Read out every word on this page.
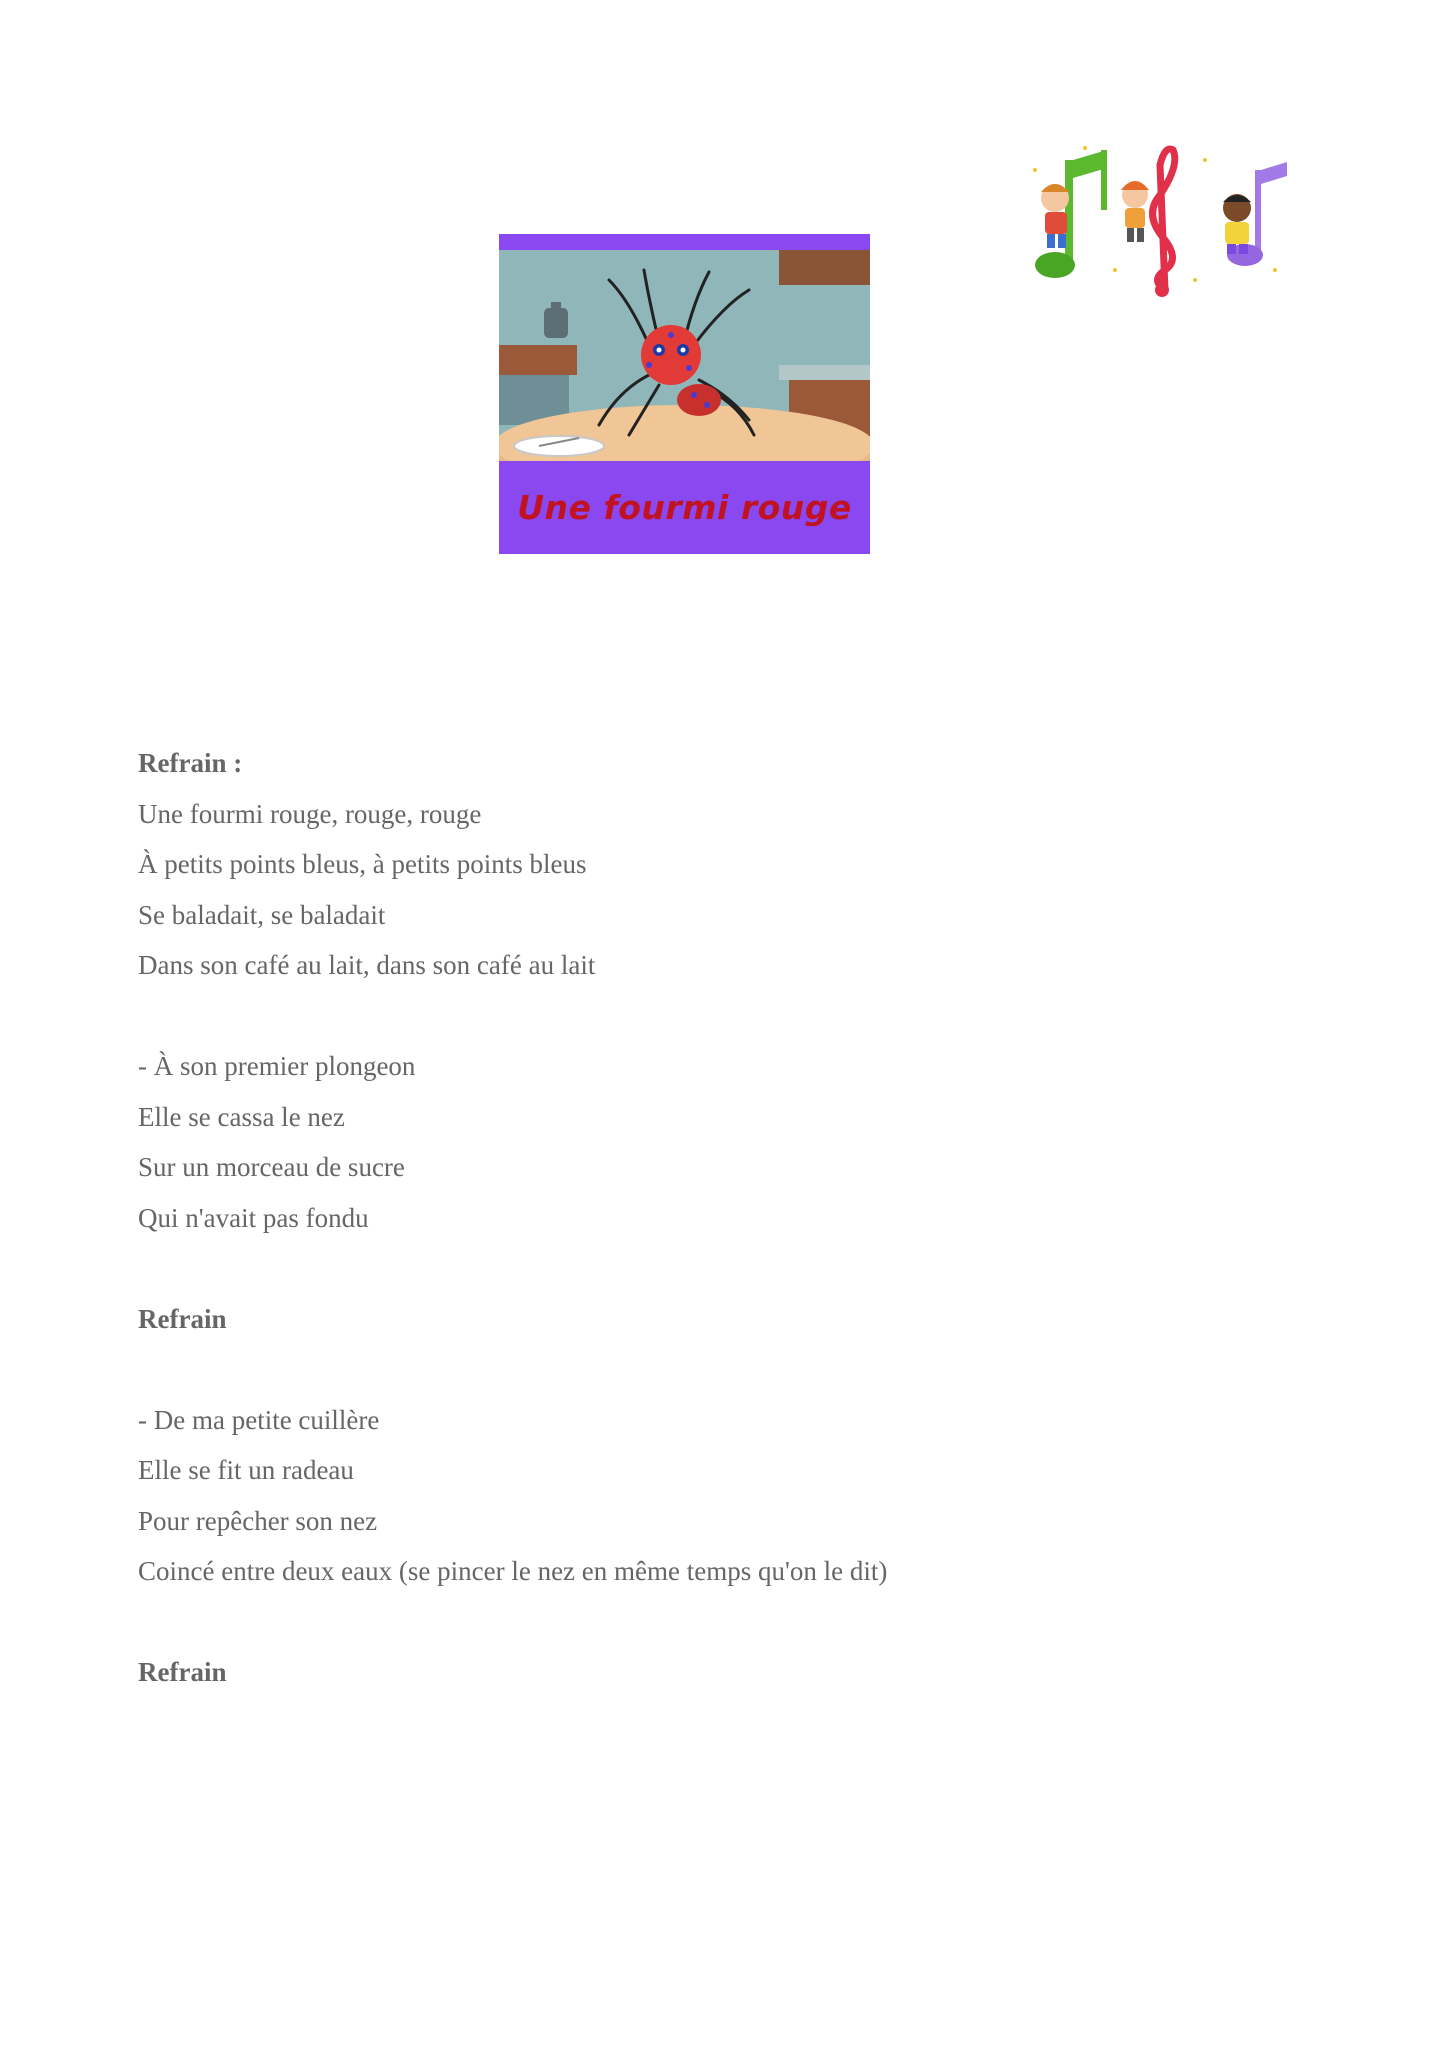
Une fourmi rouge

Refrain :

Une fourmi rouge, rouge, rouge

À petits points bleus, à petits points bleus

Se baladait, se baladait

Dans son café au lait, dans son café au lait

- À son premier plongeon

Elle se cassa le nez

Sur un morceau de sucre

Qui n'avait pas fondu

Refrain

- De ma petite cuillère

Elle se fit un radeau

Pour repêcher son nez

Coincé entre deux eaux (se pincer le nez en même temps qu'on le dit)

Refrain
